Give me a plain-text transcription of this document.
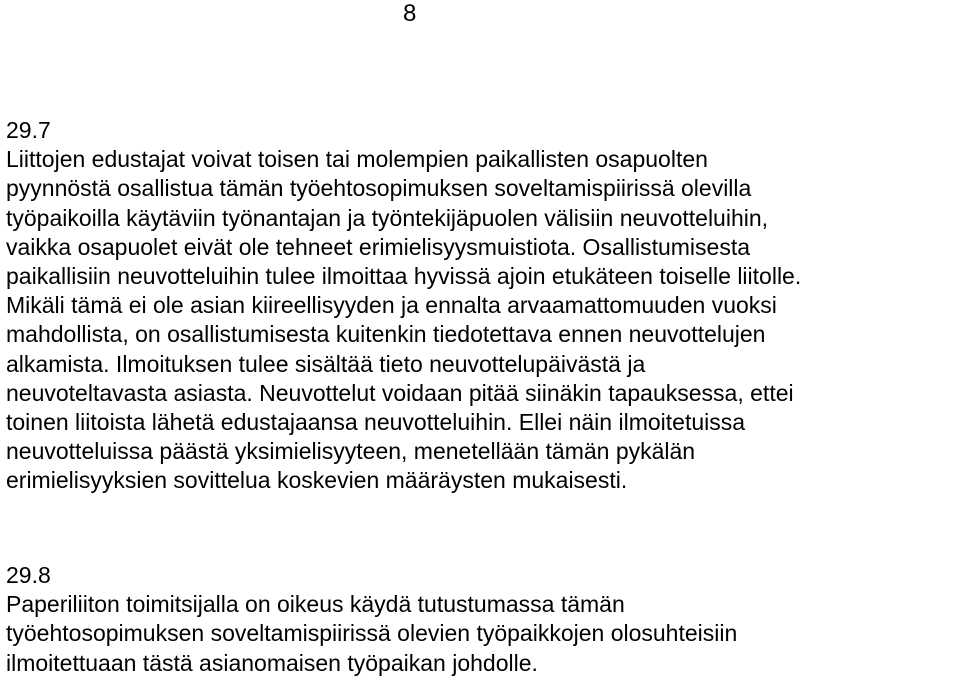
8
29.7
Liittojen edustajat voivat toisen tai molempien paikallisten osapuolten
pyynnöstä osallistua tämän työehtosopimuksen soveltamispiirissä olevilla
työpaikoilla käytäviin työnantajan ja työntekijäpuolen välisiin neuvotteluihin,
vaikka osapuolet eivät ole tehneet erimielisyysmuistiota. Osallistumisesta
paikallisiin neuvotteluihin tulee ilmoittaa hyvissä ajoin etukäteen toiselle liitolle.
Mikäli tämä ei ole asian kiireellisyyden ja ennalta arvaamattomuuden vuoksi
mahdollista, on osallistumisesta kuitenkin tiedotettava ennen neuvottelujen
alkamista. Ilmoituksen tulee sisältää tieto neuvottelupäivästä ja
neuvoteltavasta asiasta. Neuvottelut voidaan pitää siinäkin tapauksessa, ettei
toinen liitoista lähetä edustajaansa neuvotteluihin. Ellei näin ilmoitetuissa
neuvotteluissa päästä yksimielisyyteen, menetellään tämän pykälän
erimielisyyksien sovittelua koskevien määräysten mukaisesti.
29.8
Paperiliiton toimitsijalla on oikeus käydä tutustumassa tämän
työehtosopimuksen soveltamispiirissä olevien työpaikkojen olosuhteisiin
ilmoitettuaan tästä asianomaisen työpaikan johdolle.
